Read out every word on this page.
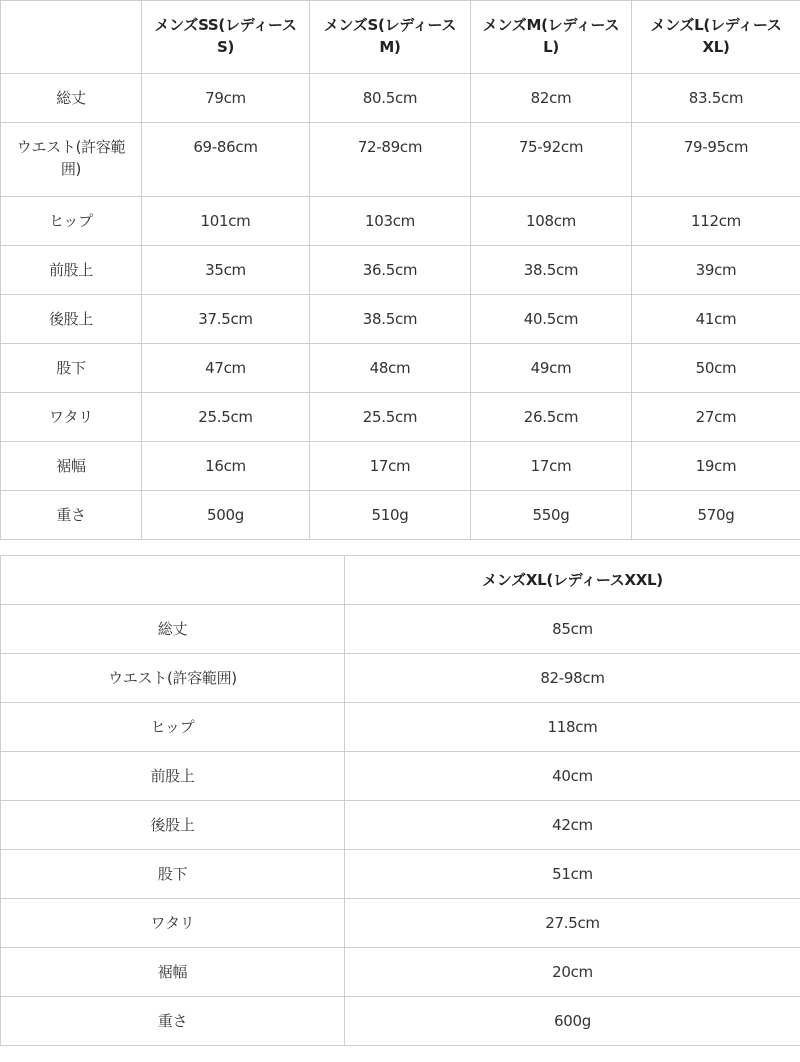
	メンズSS(レディースS)	メンズS(レディースM)	メンズM(レディースL)	メンズL(レディースXL)
総丈	79cm	80.5cm	82cm	83.5cm
ウエスト(許容範囲)	69-86cm	72-89cm	75-92cm	79-95cm
ヒップ	101cm	103cm	108cm	112cm
前股上	35cm	36.5cm	38.5cm	39cm
後股上	37.5cm	38.5cm	40.5cm	41cm
股下	47cm	48cm	49cm	50cm
ワタリ	25.5cm	25.5cm	26.5cm	27cm
裾幅	16cm	17cm	17cm	19cm
重さ	500g	510g	550g	570g
	メンズXL(レディースXXL)
総丈	85cm
ウエスト(許容範囲)	82-98cm
ヒップ	118cm
前股上	40cm
後股上	42cm
股下	51cm
ワタリ	27.5cm
裾幅	20cm
重さ	600g
